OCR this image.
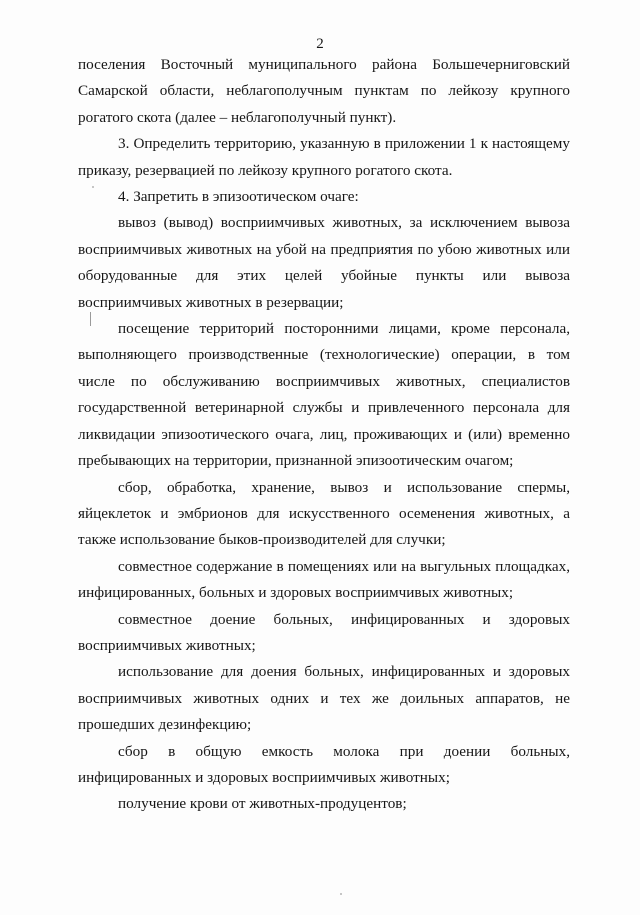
2

поселения Восточный муниципального района Большечерниговский Самарской области, неблагополучным пунктам по лейкозу крупного рогатого скота (далее – неблагополучный пункт).

3. Определить территорию, указанную в приложении 1 к настоящему приказу, резервацией по лейкозу крупного рогатого скота.

4. Запретить в эпизоотическом очаге:

вывоз (вывод) восприимчивых животных, за исключением вывоза восприимчивых животных на убой на предприятия по убою животных или оборудованные для этих целей убойные пункты или вывоза восприимчивых животных в резервации;

посещение территорий посторонними лицами, кроме персонала, выполняющего производственные (технологические) операции, в том числе по обслуживанию восприимчивых животных, специалистов государственной ветеринарной службы и привлеченного персонала для ликвидации эпизоотического очага, лиц, проживающих и (или) временно пребывающих на территории, признанной эпизоотическим очагом;

сбор, обработка, хранение, вывоз и использование спермы, яйцеклеток и эмбрионов для искусственного осеменения животных, а также использование быков-производителей для случки;

совместное содержание в помещениях или на выгульных площадках, инфицированных, больных и здоровых восприимчивых животных;

совместное доение больных, инфицированных и здоровых восприимчивых животных;

использование для доения больных, инфицированных и здоровых восприимчивых животных одних и тех же доильных аппаратов, не прошедших дезинфекцию;

сбор в общую емкость молока при доении больных, инфицированных и здоровых восприимчивых животных;

получение крови от животных-продуцентов;
